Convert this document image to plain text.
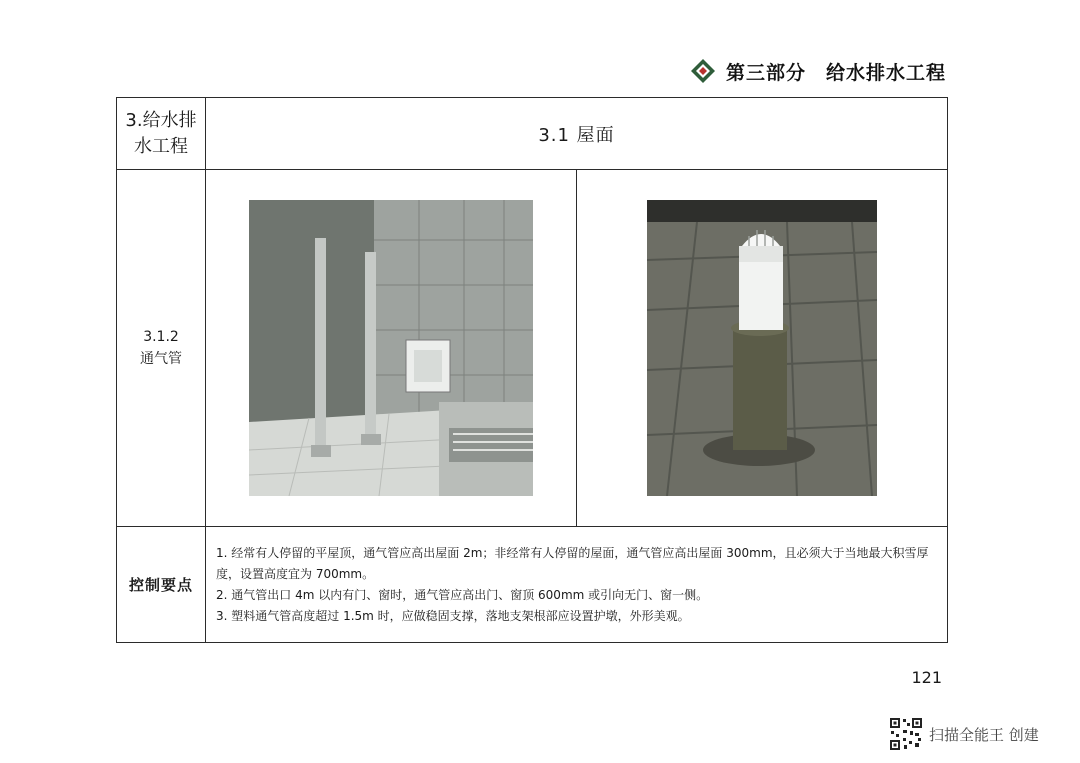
第三部分　给水排水工程
3.给水排
水工程	3.1 屋面

3.1.2
通气管

控制要点	1. 经常有人停留的平屋顶，通气管应高出屋面 2m；非经常有人停留的屋面，通气管应高出屋面 300mm，且必须大于当地最大积雪厚度，设置高度宜为 700mm。

2. 通气管出口 4m 以内有门、窗时，通气管应高出门、窗顶 600mm 或引向无门、窗一侧。

3. 塑料通气管高度超过 1.5m 时，应做稳固支撑，落地支架根部应设置护墩，外形美观。

121
扫描全能王 创建
